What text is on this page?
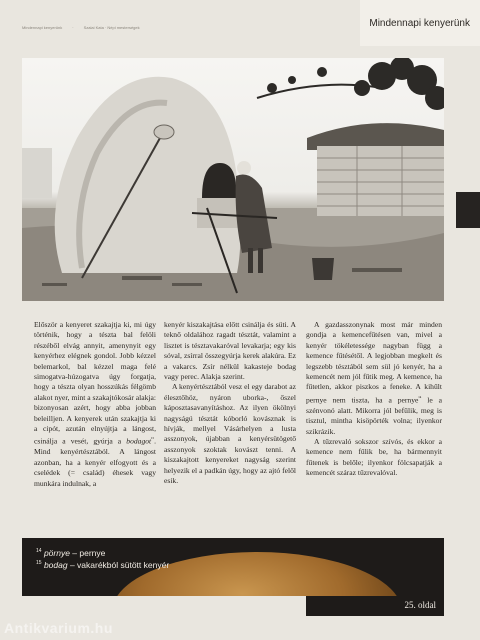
Mindennapi kenyerünk	·	Szalai Kata · Népi mesterségek	Mindennapi kenyerünk

Először a kenyeret szakajtja ki, mi úgy történik, hogy a tészta bal felöli részéből elvág annyit, amenynyit egy kenyérhez elégnek gondol. Jobb kézzel belemarkol, bal kézzel maga felé simogatva-húzogatva úgy forgatja, hogy a tészta olyan hosszúkás félgömb alakot nyer, mint a szakajtókosár alakja: bizonyosan azért, hogy abba jobban beleilljen. A kenyerek után szakajtja ki a cipót, azután elnyújtja a lángost, csináljа a vesét, gyúrja a bodagot$^{^{15}}$. Mind kenyértésztából. A lángost azonban, ha a kenyér elfogyott és a cselédek (= család) éhesek vagy munkára indulnak, a

kenyér kiszakajtása előtt csinálja és süti. A teknő oldalához ragadt tésztát, valamint a lisztet is tésztavakaróval levakarja; egy kis sóval, zsírral összegyúrja kerek alakúra. Ez a vakarcs. Zsír nélkül kakasteje bodag vagy perec. Alakja szerint.

A kenyértésztából vesz el egy darabot az élesztőhöz, nyáron uborka-, őszel káposztasavanyításhoz. Az ilyen ökölnyi nagyságú tésztát kóborló kovásznak is hívják, mellyel Vásárhelyen a lusta asszonyok, újabban a kenyérsütögető asszonyok szoktak kovászt tenni. A kiszakajtott kenyereket nagyság szerint helyezik el a padkán úgy, hogy az ajtó felől esik.

A gazdasszonynak most már minden gondja a kemencefűtésen van, mivel a kenyér tökéletessége nagyban függ a kemence fűtésétől. A legjobban megkelt és legszebb tésztából sem sül jó kenyér, ha a kemencét nem jól fűtik meg. A kemence, ha fűtetlen, akkor piszkos a feneke. A kihűlt pernye nem tiszta, ha a pernye$^{^{14}}$ le a szénvonó alatt. Mikorra jól befűlik, meg is tisztul, mintha kisöpörték volna; ilyenkor szikrázik.

A tűzrevaló sokszor szívós, és ekkor a kemence nem fűlik be, ha bármennyit fűtenek is belőle; ilyenkor fölcsapatják a kemencét száraz tűzrevalóval.

$^{14}$ pörnye – pernye
$^{15}$ bodag – vakarékból sütött kenyér
25. oldal
Antikvarium.hu
